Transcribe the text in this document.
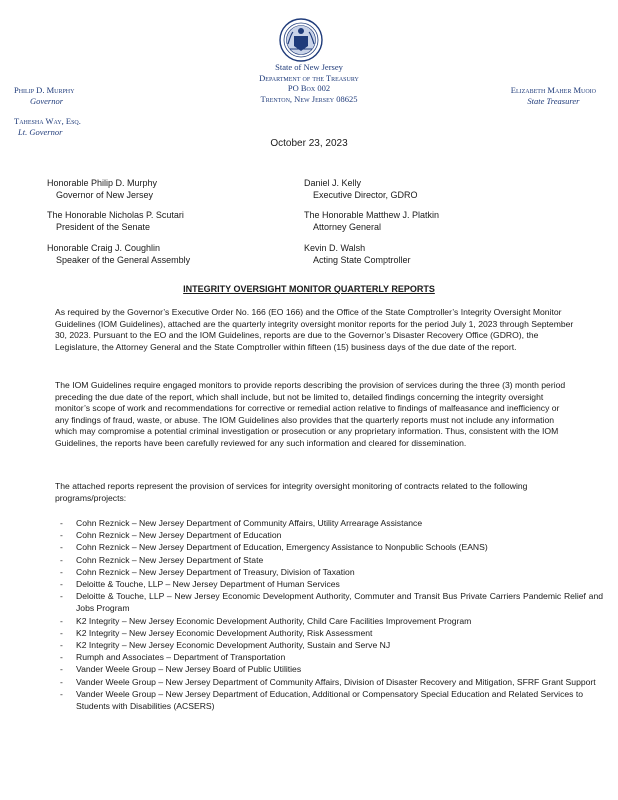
State of New Jersey
Department of the Treasury
PO Box 002
Trenton, New Jersey 08625
Philip D. Murphy
Governor
Tahesha Way, Esq.
Lt. Governor
Elizabeth Maher Muoio
State Treasurer
October 23, 2023
Honorable Philip D. Murphy
Governor of New Jersey
The Honorable Nicholas P. Scutari
President of the Senate
Honorable Craig J. Coughlin
Speaker of the General Assembly
Daniel J. Kelly
Executive Director, GDRO
The Honorable Matthew J. Platkin
Attorney General
Kevin D. Walsh
Acting State Comptroller
INTEGRITY OVERSIGHT MONITOR QUARTERLY REPORTS
As required by the Governor’s Executive Order No. 166 (EO 166) and the Office of the State Comptroller’s Integrity Oversight Monitor Guidelines (IOM Guidelines), attached are the quarterly integrity oversight monitor reports for the period July 1, 2023 through September 30, 2023. Pursuant to the EO and the IOM Guidelines, reports are due to the Governor’s Disaster Recovery Office (GDRO), the Legislature, the Attorney General and the State Comptroller within fifteen (15) business days of the due date of the report.
The IOM Guidelines require engaged monitors to provide reports describing the provision of services during the three (3) month period preceding the due date of the report, which shall include, but not be limited to, detailed findings concerning the integrity oversight monitor’s scope of work and recommendations for corrective or remedial action relative to findings of malfeasance and inefficiency or any findings of fraud, waste, or abuse. The IOM Guidelines also provides that the quarterly reports must not include any information which may compromise a potential criminal investigation or prosecution or any proprietary information. Thus, consistent with the IOM Guidelines, the reports have been carefully reviewed for any such information and cleared for dissemination.
The attached reports represent the provision of services for integrity oversight monitoring of contracts related to the following programs/projects:
- Cohn Reznick – New Jersey Department of Community Affairs, Utility Arrearage Assistance
- Cohn Reznick – New Jersey Department of Education
- Cohn Reznick – New Jersey Department of Education, Emergency Assistance to Nonpublic Schools (EANS)
- Cohn Reznick – New Jersey Department of State
- Cohn Reznick – New Jersey Department of Treasury, Division of Taxation
- Deloitte & Touche, LLP – New Jersey Department of Human Services
- Deloitte & Touche, LLP – New Jersey Economic Development Authority, Commuter and Transit Bus Private Carriers Pandemic Relief and Jobs Program
- K2 Integrity – New Jersey Economic Development Authority, Child Care Facilities Improvement Program
- K2 Integrity – New Jersey Economic Development Authority, Risk Assessment
- K2 Integrity – New Jersey Economic Development Authority, Sustain and Serve NJ
- Rumph and Associates – Department of Transportation
- Vander Weele Group – New Jersey Board of Public Utilities
- Vander Weele Group – New Jersey Department of Community Affairs, Division of Disaster Recovery and Mitigation, SFRF Grant Support
- Vander Weele Group – New Jersey Department of Education, Additional or Compensatory Special Education and Related Services to Students with Disabilities (ACSERS)
